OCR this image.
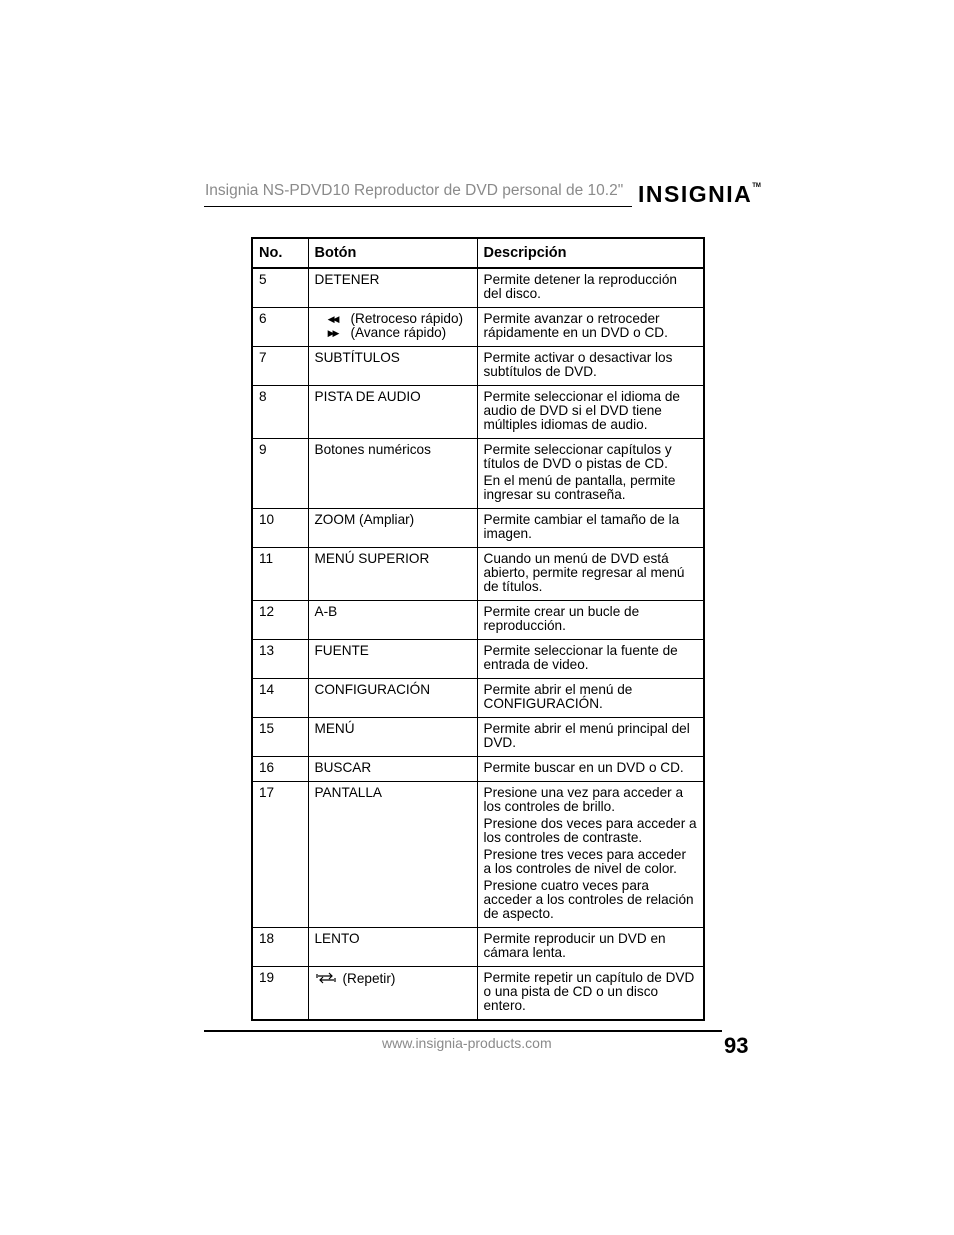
Insignia NS-PDVD10 Reproductor de DVD personal de 10.2" INSIGNIA™
No.	Botón	Descripción
5	DETENER	Permite detener la reproducción del disco.

6	◀◀ (Retroceso rápido)
▶▶ (Avance rápido)	Permite avanzar o retroceder rápidamente en un DVD o CD.

7	SUBTÍTULOS	Permite activar o desactivar los subtítulos de DVD.

8	PISTA DE AUDIO	Permite seleccionar el idioma de audio de DVD si el DVD tiene múltiples idiomas de audio.

9	Botones numéricos	Permite seleccionar capítulos y títulos de DVD o pistas de CD.

En el menú de pantalla, permite ingresar su contraseña.

10	ZOOM (Ampliar)	Permite cambiar el tamaño de la imagen.

11	MENÚ SUPERIOR	Cuando un menú de DVD está abierto, permite regresar al menú de títulos.

12	A-B	Permite crear un bucle de reproducción.

13	FUENTE	Permite seleccionar la fuente de entrada de video.

14	CONFIGURACIÓN	Permite abrir el menú de CONFIGURACIÓN.

15	MENÚ	Permite abrir el menú principal del DVD.

16	BUSCAR	Permite buscar en un DVD o CD.

17	PANTALLA	Presione una vez para acceder a los controles de brillo.

Presione dos veces para acceder a los controles de contraste.

Presione tres veces para acceder a los controles de nivel de color.

Presione cuatro veces para acceder a los controles de relación de aspecto.

18	LENTO	Permite reproducir un DVD en cámara lenta.

19	(Repetir)	Permite repetir un capítulo de DVD o una pista de CD o un disco entero.

www.insignia-products.com	93
